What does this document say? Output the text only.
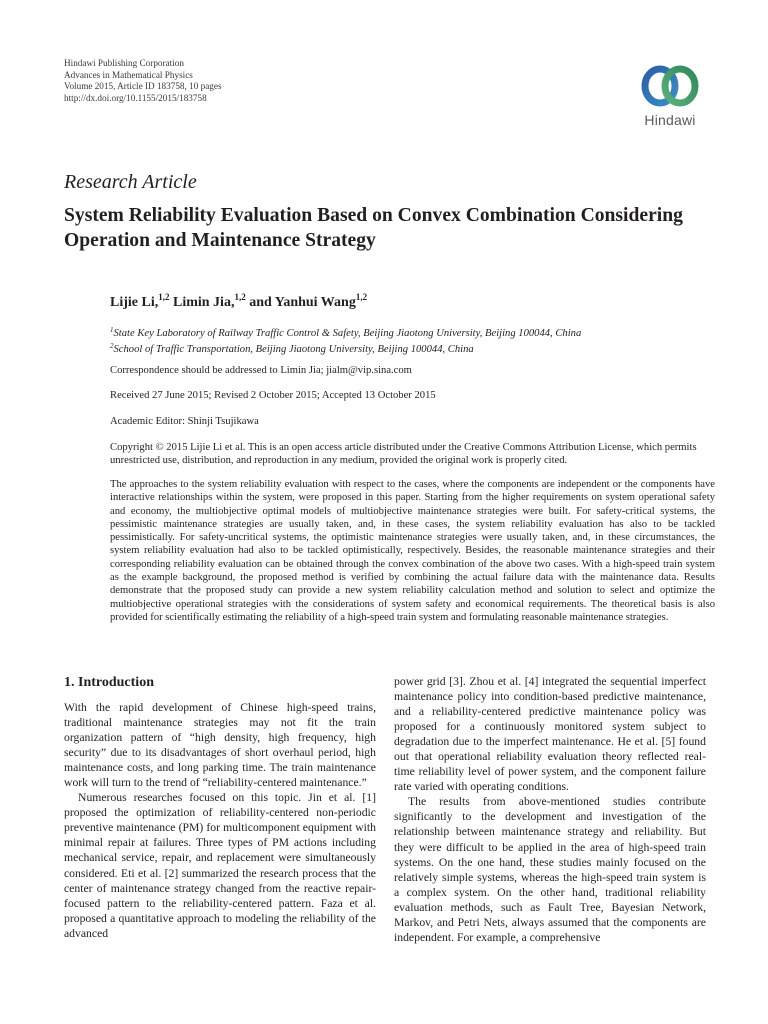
Hindawi Publishing Corporation
Advances in Mathematical Physics
Volume 2015, Article ID 183758, 10 pages
http://dx.doi.org/10.1155/2015/183758
Hindawi
Research Article
System Reliability Evaluation Based on Convex Combination Considering Operation and Maintenance Strategy
Lijie Li,$^{1,2}$ Limin Jia,$^{1,2}$ and Yanhui Wang$^{1,2}$
$^1$State Key Laboratory of Railway Traffic Control & Safety, Beijing Jiaotong University, Beijing 100044, China
$^2$School of Traffic Transportation, Beijing Jiaotong University, Beijing 100044, China
Correspondence should be addressed to Limin Jia; jialm@vip.sina.com
Received 27 June 2015; Revised 2 October 2015; Accepted 13 October 2015
Academic Editor: Shinji Tsujikawa
Copyright © 2015 Lijie Li et al. This is an open access article distributed under the Creative Commons Attribution License, which permits unrestricted use, distribution, and reproduction in any medium, provided the original work is properly cited.
The approaches to the system reliability evaluation with respect to the cases, where the components are independent or the components have interactive relationships within the system, were proposed in this paper. Starting from the higher requirements on system operational safety and economy, the multiobjective optimal models of multiobjective maintenance strategies were built. For safety-critical systems, the pessimistic maintenance strategies are usually taken, and, in these cases, the system reliability evaluation has also to be tackled pessimistically. For safety-uncritical systems, the optimistic maintenance strategies were usually taken, and, in these circumstances, the system reliability evaluation had also to be tackled optimistically, respectively. Besides, the reasonable maintenance strategies and their corresponding reliability evaluation can be obtained through the convex combination of the above two cases. With a high-speed train system as the example background, the proposed method is verified by combining the actual failure data with the maintenance data. Results demonstrate that the proposed study can provide a new system reliability calculation method and solution to select and optimize the multiobjective operational strategies with the considerations of system safety and economical requirements. The theoretical basis is also provided for scientifically estimating the reliability of a high-speed train system and formulating reasonable maintenance strategies.
1. Introduction

With the rapid development of Chinese high-speed trains, traditional maintenance strategies may not fit the train organization pattern of “high density, high frequency, high security” due to its disadvantages of short overhaul period, high maintenance costs, and long parking time. The train maintenance work will turn to the trend of “reliability-centered maintenance.”

Numerous researches focused on this topic. Jin et al. [1] proposed the optimization of reliability-centered non-periodic preventive maintenance (PM) for multicomponent equipment with minimal repair at failures. Three types of PM actions including mechanical service, repair, and replacement were simultaneously considered. Eti et al. [2] summarized the research process that the center of maintenance strategy changed from the reactive repair-focused pattern to the reliability-centered pattern. Faza et al. proposed a quantitative approach to modeling the reliability of the advanced

power grid [3]. Zhou et al. [4] integrated the sequential imperfect maintenance policy into condition-based predictive maintenance, and a reliability-centered predictive maintenance policy was proposed for a continuously monitored system subject to degradation due to the imperfect maintenance. He et al. [5] found out that operational reliability evaluation theory reflected real-time reliability level of power system, and the component failure rate varied with operating conditions.

The results from above-mentioned studies contribute significantly to the development and investigation of the relationship between maintenance strategy and reliability. But they were difficult to be applied in the area of high-speed train systems. On the one hand, these studies mainly focused on the relatively simple systems, whereas the high-speed train system is a complex system. On the other hand, traditional reliability evaluation methods, such as Fault Tree, Bayesian Network, Markov, and Petri Nets, always assumed that the components are independent. For example, a comprehensive
